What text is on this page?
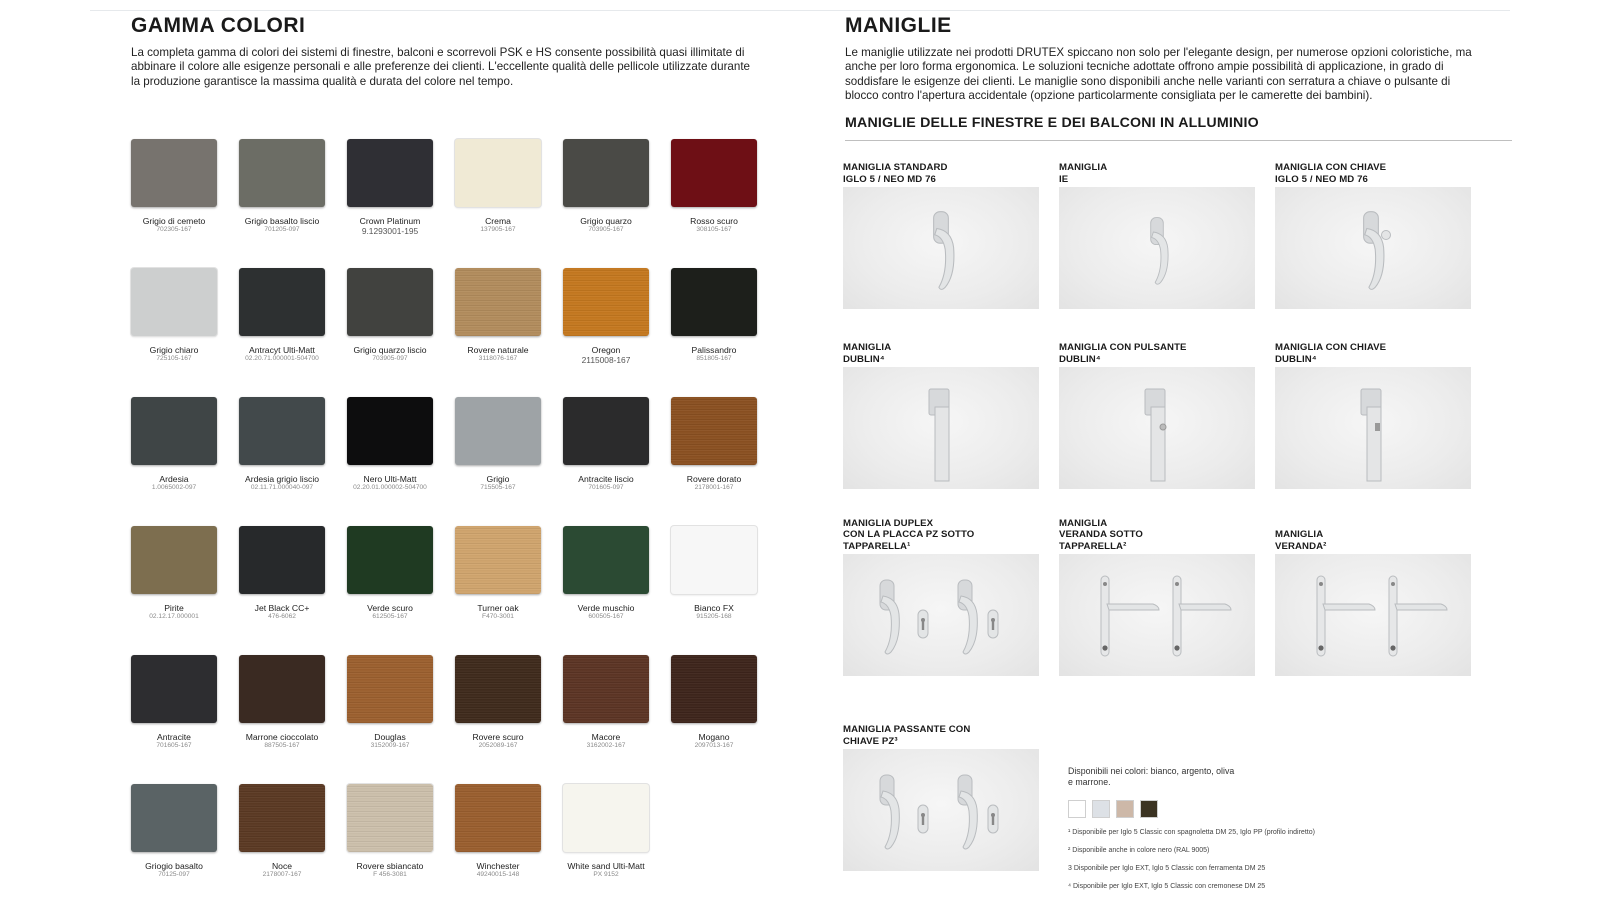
GAMMA COLORI

La completa gamma di colori dei sistemi di finestre, balconi e scorrevoli PSK e HS consente possibilità quasi illimitate di abbinare il colore alle esigenze personali e alle preferenze dei clienti. L'eccellente qualità delle pellicole utilizzate durante la produzione garantisce la massima qualità e durata del colore nel tempo.

Grigio di cemeto
702305-167
Grigio basalto liscio
701205-097
Crown Platinum
9.1293001-195
Crema
137905-167
Grigio quarzo
703905-167
Rosso scuro
308105-167
Grigio chiaro
725105-167
Antracyt Ulti-Matt
02.20.71.000001-504700
Grigio quarzo liscio
703905-097
Rovere naturale
3118076-167
Oregon
2115008-167
Palissandro
851805-167
Ardesia
1.0065002-097
Ardesia grigio liscio
02.11.71.000040-097
Nero Ulti-Matt
02.20.01.000002-504700
Grigio
715505-167
Antracite liscio
701605-097
Rovere dorato
2178001-167
Pirite
02.12.17.000001
Jet Black CC+
476-6062
Verde scuro
612505-167
Turner oak
F470-3001
Verde muschio
600505-167
Bianco FX
915205-168
Antracite
701605-167
Marrone cioccolato
887505-167
Douglas
3152009-167
Rovere scuro
2052089-167
Macore
3162002-167
Mogano
2097013-167
Griogio basalto
70125-097
Noce
2178007-167
Rovere sbiancato
F 456-3081
Winchester
49240015-148
White sand Ulti-Matt
PX 9152
MANIGLIE

Le maniglie utilizzate nei prodotti DRUTEX spiccano non solo per l'elegante design, per numerose opzioni coloristiche, ma anche per loro forma ergonomica. Le soluzioni tecniche adottate offrono ampie possibilità di applicazione, in grado di soddisfare le esigenze dei clienti. Le maniglie sono disponibili anche nelle varianti con serratura a chiave o pulsante di blocco contro l'apertura accidentale (opzione particolarmente consigliata per le camerette dei bambini).

MANIGLIE DELLE FINESTRE E DEI BALCONI IN ALLUMINIO
MANIGLIA STANDARD
IGLO 5 / NEO MD 76
MANIGLIA
IE
MANIGLIA CON CHIAVE
IGLO 5 / NEO MD 76
MANIGLIA
DUBLIN⁴
MANIGLIA CON PULSANTE
DUBLIN⁴
MANIGLIA CON CHIAVE
DUBLIN⁴
MANIGLIA DUPLEX
CON LA PLACCA PZ SOTTO
TAPPARELLA¹
MANIGLIA
VERANDA SOTTO
TAPPARELLA²
MANIGLIA
VERANDA²
MANIGLIA PASSANTE CON
CHIAVE PZ³
Disponibili nei colori: bianco, argento, oliva e marrone.
¹ Disponibile per Iglo 5 Classic con spagnoletta DM 25, Iglo PP (profilo indiretto)
² Disponibile anche in colore nero (RAL 9005)
3 Disponibile per Iglo EXT, Iglo 5 Classic con ferramenta DM 25
⁴ Disponibile per Iglo EXT, Iglo 5 Classic con cremonese DM 25
